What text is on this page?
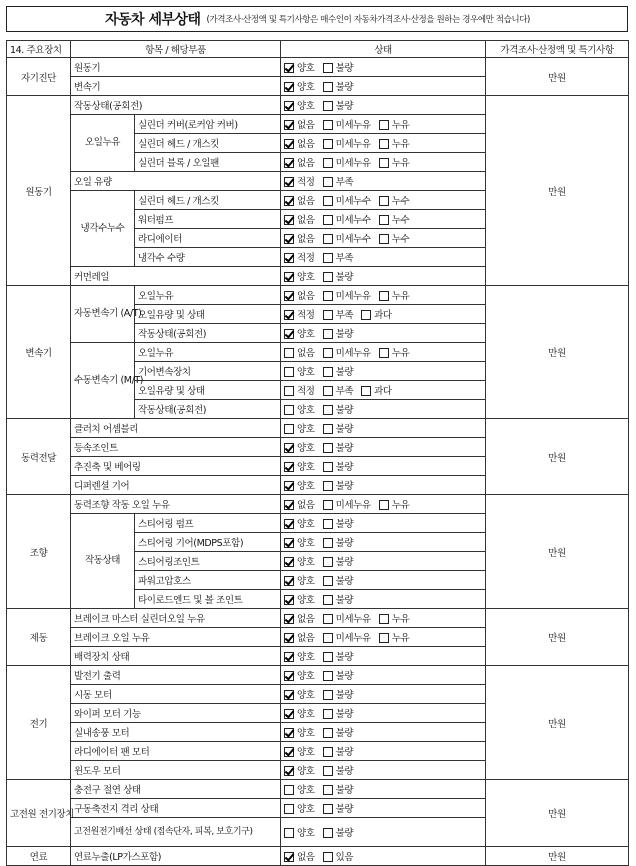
자동차 세부상태 (가격조사·산정액 및 특기사항은 매수인이 자동차가격조사·산정을 원하는 경우에만 적습니다)
14. 주요장치	항목 / 해당부품		상태	가격조사·산정액 및 특기사항
자기진단	원동기		양호 불량	만원
	변속기		양호 불량	
원동기	작동상태(공회전)		양호 불량	만원
	오일누유	실린더 커버(로커암 커버)	없음 미세누유 누유	
		실린더 헤드 / 개스킷	없음 미세누유 누유	
		실린더 블록 / 오일팬	없음 미세누유 누유	
	오일 유량		적정 부족	
	냉각수누수	실린더 헤드 / 개스킷	없음 미세누수 누수	
		워터펌프	없음 미세누수 누수	
		라디에이터	없음 미세누수 누수	
		냉각수 수량	적정 부족	
	커먼레일		양호 불량	
변속기	자동변속기 (A/T)	오일누유	없음 미세누유 누유	만원
		오일유량 및 상태	적정 부족 과다	
		작동상태(공회전)	양호 불량	
	수동변속기 (M/T)	오일누유	없음 미세누유 누유	
		기어변속장치	양호 불량	
		오일유량 및 상태	적정 부족 과다	
		작동상태(공회전)	양호 불량	
동력전달	클러치 어셈블리		양호 불량	만원
	등속조인트		양호 불량	
	추진축 및 베어링		양호 불량	
	디퍼렌셜 기어		양호 불량	
조향	동력조향 작동 오일 누유		없음 미세누유 누유	만원
	작동상태	스티어링 펌프	양호 불량	
		스티어링 기어(MDPS포함)	양호 불량	
		스티어링조인트	양호 불량	
		파워고압호스	양호 불량	
		타이로드엔드 및 볼 조인트	양호 불량	
제동	브레이크 마스터 실린더오일 누유		없음 미세누유 누유	만원
	브레이크 오일 누유		없음 미세누유 누유	
	배력장치 상태		양호 불량	
전기	발전기 출력		양호 불량	만원
	시동 모터		양호 불량	
	와이퍼 모터 기능		양호 불량	
	실내송풍 모터		양호 불량	
	라디에이터 팬 모터		양호 불량	
	윈도우 모터		양호 불량	
고전원 전기장치	충전구 절연 상태		양호 불량	만원
	구동축전지 격리 상태		양호 불량	
	고전원전기배선 상태 (접속단자, 피복, 보호기구)		양호 불량	
연료	연료누출(LP가스포함)		없음 있음	만원
